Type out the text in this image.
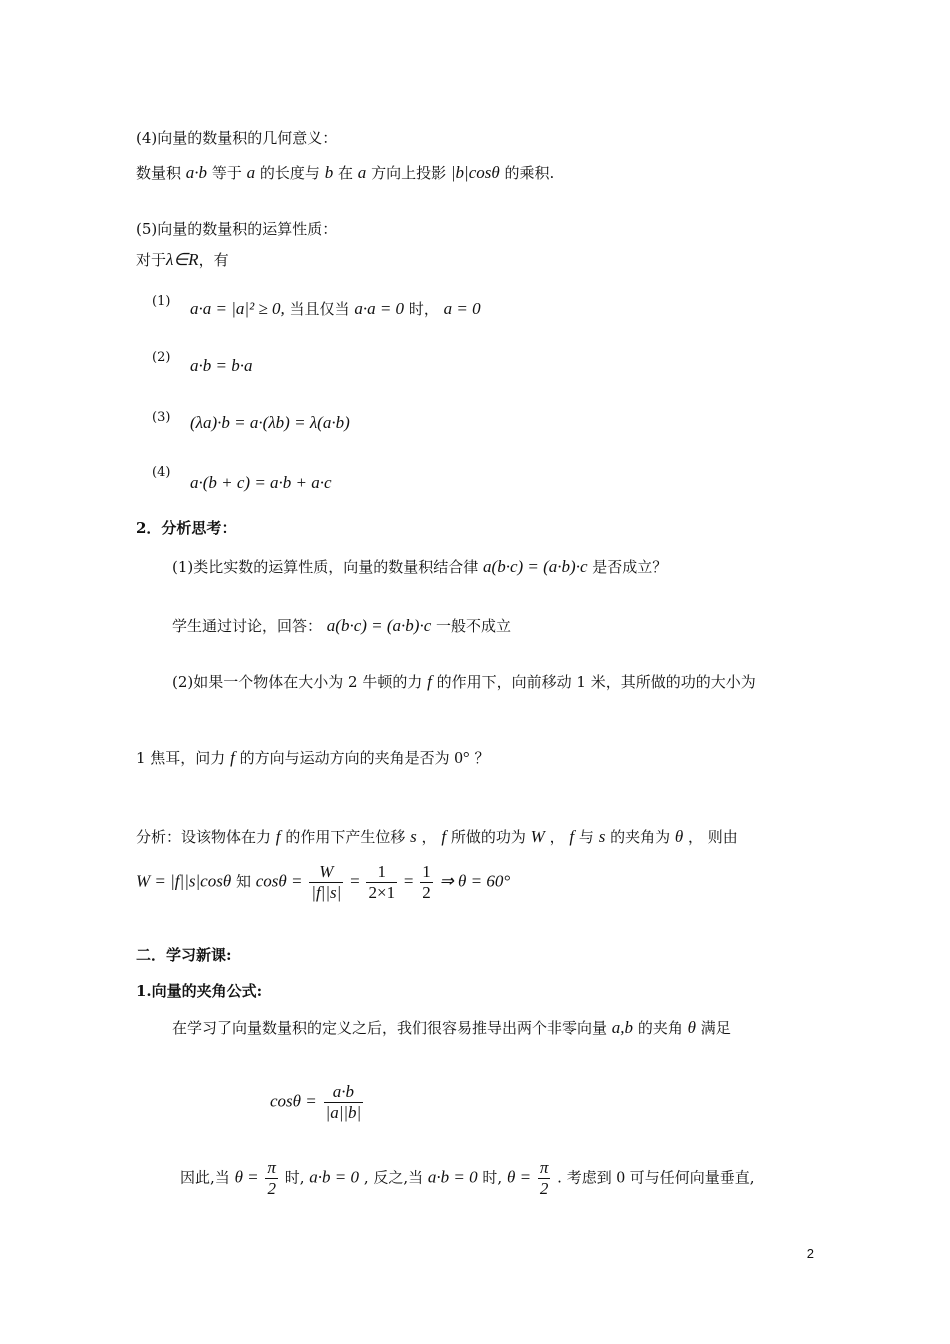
(4)向量的数量积的几何意义：
数量积 a·b 等于 a 的长度与 b 在 a 方向上投影 |b|cosθ 的乘积.
(5)向量的数量积的运算性质：
对于λ∈R，有
(1) a·a = |a|² ≥ 0, 当且仅当 a·a = 0 时， a = 0
(2) a·b = b·a
(3) (λa)·b = a·(λb) = λ(a·b)
(4)
a·(b + c) = a·b + a·c
2．分析思考：
(1)类比实数的运算性质，向量的数量积结合律 a(b·c) = (a·b)·c 是否成立？
学生通过讨论，回答： a(b·c) = (a·b)·c 一般不成立
(2)如果一个物体在大小为 2 牛顿的力 f 的作用下，向前移动 1 米，其所做的功的大小为
1 焦耳，问力 f 的方向与运动方向的夹角是否为 0° ？
分析：设该物体在力 f 的作用下产生位移 s ， f 所做的功为 W ， f 与 s 的夹角为 θ ， 则由
W = |f||s|cosθ 知 $\cos\theta = \frac{W}{|f||s|} = \frac{1}{2\times 1} = \frac{1}{2}$ ⇒ θ = 60°
二．学习新课:
1.向量的夹角公式:
在学习了向量数量积的定义之后，我们很容易推导出两个非零向量 a,b 的夹角 θ 满足
$\cos\theta = \frac{a\cdot b}{|a||b|}$
因此,当 $\theta = \frac{\pi}{2}$ 时, a·b = 0 , 反之,当 a·b = 0 时, $\theta = \frac{\pi}{2}$ . 考虑到 0 可与任何向量垂直,
2
